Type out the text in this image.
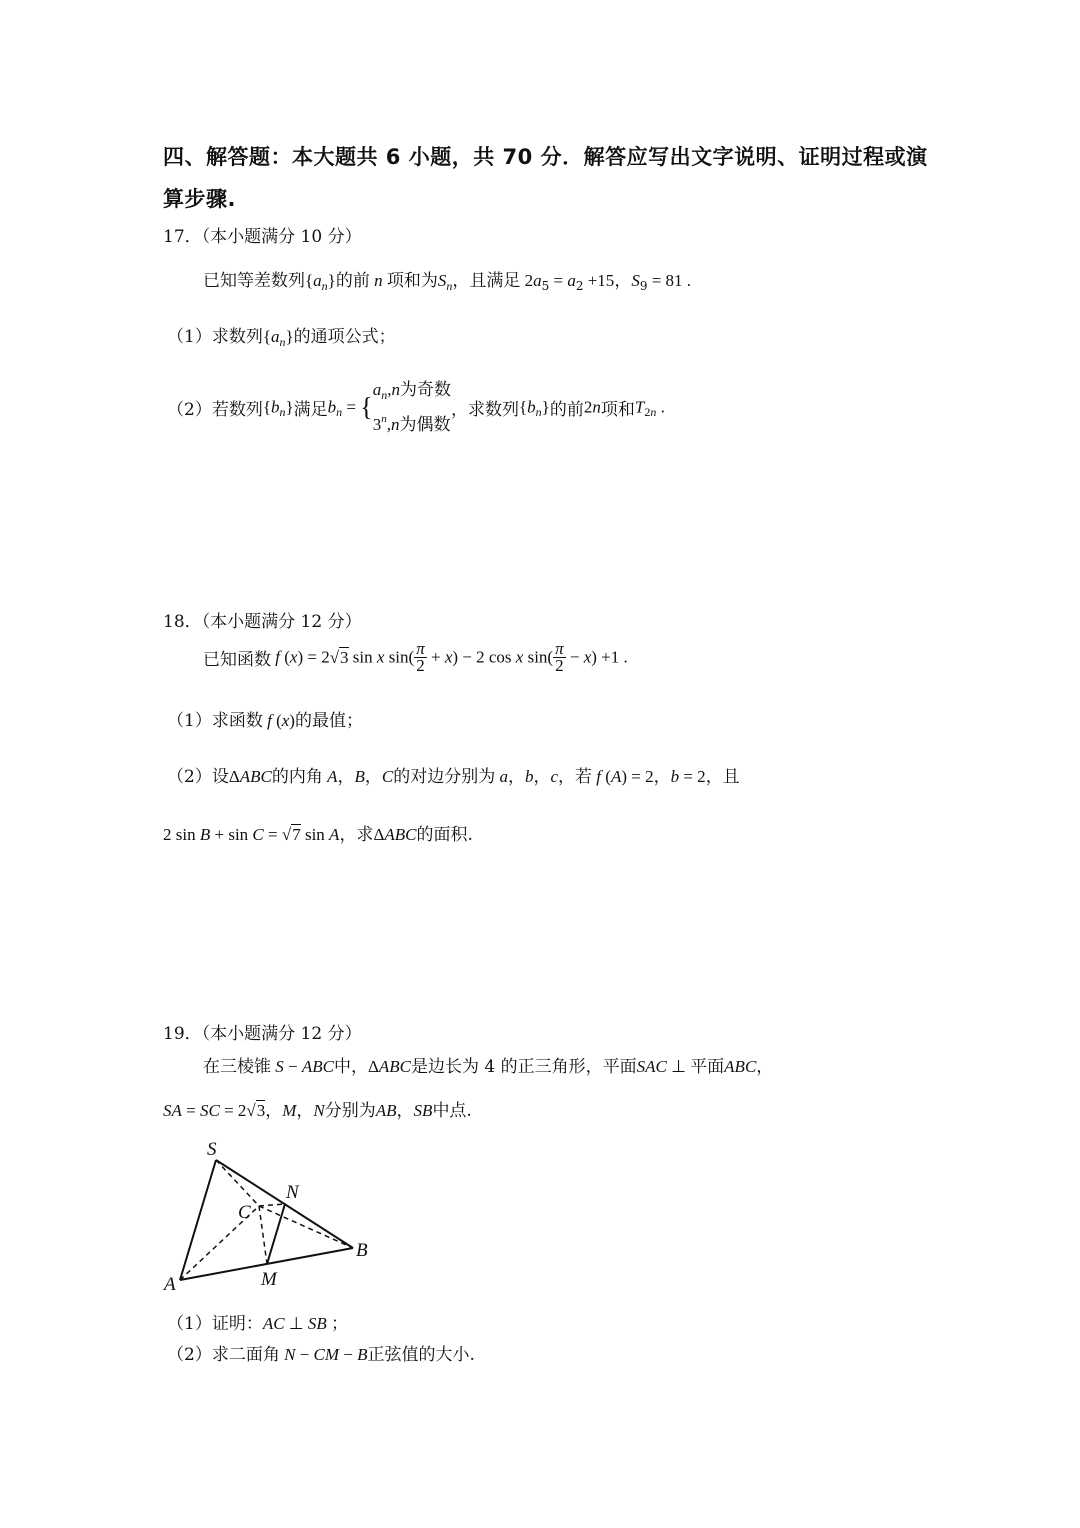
四、解答题：本大题共 6 小题，共 70 分．解答应写出文字说明、证明过程或演
算步骤.
17．（本小题满分 10 分）
已知等差数列$\{a_n\}$的前 n 项和为$S_n$，且满足 $2a_5 = a_2 +15$，$S_9 = 81$ .
（1）求数列$\{a_n\}$的通项公式；
（2）若数列$\{b_n\}$满足$b_n$ = {
$a_n,n$为奇数
3$^n$,n为偶数
，求数列$\{b_n\}$的前2n项和$T_{2n}$ .
18．（本小题满分 12 分）
已知函数 f (x) = 2√3 sin x $\sin( \frac{\pi}{2} + x) - 2$ cos x $\sin( \frac{\pi}{2} - x) +1$ .
（1）求函数 f (x)的最值；
（2）设ΔABC的内角 A，B，C的对边分别为 a，b，c，若 f (A) = 2，b = 2，且
2 sin B + sin C = √7 sin A，求ΔABC的面积.
19．（本小题满分 12 分）
在三棱锥 S − ABC中，ΔABC是边长为 4 的正三角形，平面SAC ⊥ 平面ABC，
SA = SC = 2√3，M，N分别为AB，SB中点.
S
N
C
B
A	M
（1）证明：AC ⊥ SB ；
（2）求二面角 N − CM − B正弦值的大小.
